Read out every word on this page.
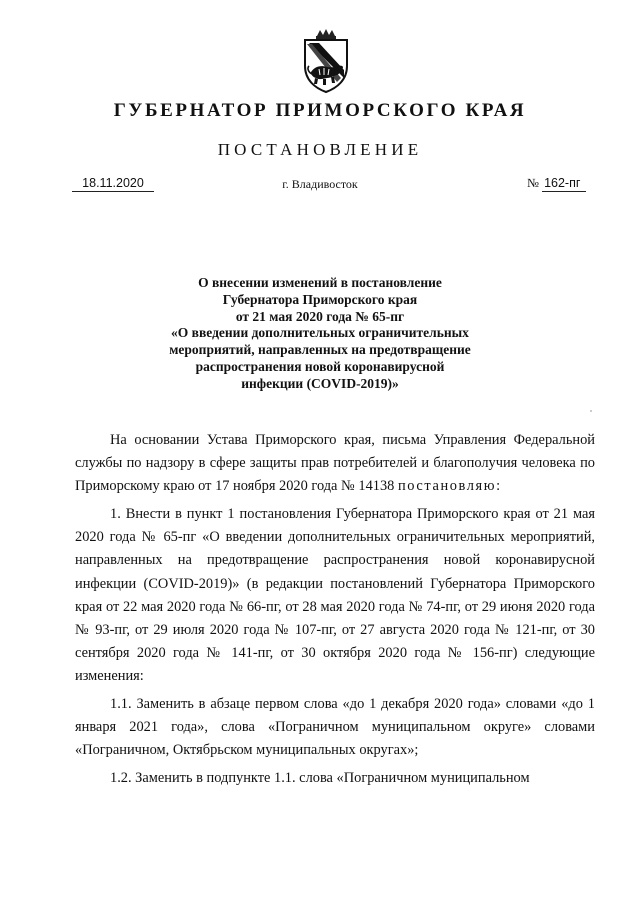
ГУБЕРНАТОР ПРИМОРСКОГО КРАЯ
ПОСТАНОВЛЕНИЕ
18.11.2020	г. Владивосток	№ 162-пг
О внесении изменений в постановление
Губернатора Приморского края
от 21 мая 2020 года № 65-пг
«О введении дополнительных ограничительных
мероприятий, направленных на предотвращение
распространения новой коронавирусной
инфекции (COVID-2019)»

На основании Устава Приморского края, письма Управления Федеральной службы по надзору в сфере защиты прав потребителей и благополучия человека по Приморскому краю от 17 ноября 2020 года № 14138 постановляю:

1. Внести в пункт 1 постановления Губернатора Приморского края от 21 мая 2020 года № 65-пг «О введении дополнительных ограничительных мероприятий, направленных на предотвращение распространения новой коронавирусной инфекции (COVID-2019)» (в редакции постановлений Губернатора Приморского края от 22 мая 2020 года № 66-пг, от 28 мая 2020 года № 74-пг, от 29 июня 2020 года № 93-пг, от 29 июля 2020 года № 107-пг, от 27 августа 2020 года № 121-пг, от 30 сентября 2020 года № 141-пг, от 30 октября 2020 года № 156-пг) следующие изменения:

1.1. Заменить в абзаце первом слова «до 1 декабря 2020 года» словами «до 1 января 2021 года», слова «Пограничном муниципальном округе» словами «Пограничном, Октябрьском муниципальных округах»;

1.2. Заменить в подпункте 1.1. слова «Пограничном муниципальном
